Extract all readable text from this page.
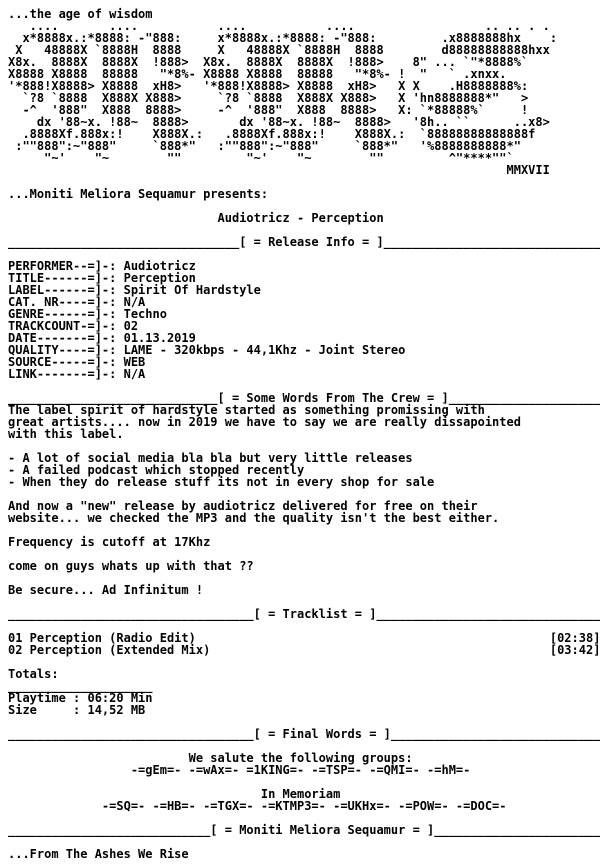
...the age of wisdom
....       ....           ....           ....                  .. .. . .
x*8888x.:*8888: -"888:     x*8888x.:*8888: -"888:         .x8888888hx    :
X   48888X `8888H  8888     X   48888X `8888H  8888        d88888888888hxx
X8x.  8888X  8888X  !888>  X8x.  8888X  8888X  !888>    8" ... `"*8888%`
X8888 X8888  88888   "*8%- X8888 X8888  88888   "*8%- !  "   ` .xnxx.
'*888!X8888> X8888  xH8>   '*888!X8888> X8888  xH8>   X X    .H8888888%:
`?8 `8888  X888X X888>     `?8 `8888  X888X X888>   X 'hn8888888*"   >
-^  '888"  X888  8888>     -^  '888"  X888  8888>   X: `*88888%`     !
dx '88~x. !88~  8888>       dx '88~x. !88~  8888>   '8h.. ``      ..x8>
.8888Xf.888x:!    X888X.:   .8888Xf.888x:!    X888X.:  `88888888888888f
:""888":~"888"     `888*"   :""888":~"888"     `888*"   '%8888888888*"
"~'    "~        ""         "~'    "~        ""         ^"****""`
MMXVII
...Moniti Meliora Sequamur presents:
Audiotricz - Perception
________________________________[ = Release Info = ]______________________________
PERFORMER--=]-: Audiotricz
TITLE------=]-: Perception
LABEL------=]-: Spirit Of Hardstyle
CAT. NR----=]-: N/A
GENRE------=]-: Techno
TRACKCOUNT-=]-: 02
DATE-------=]-: 01.13.2019
QUALITY----=]-: LAME - 320kbps - 44,1Khz - Joint Stereo
SOURCE-----=]-: WEB
LINK-------=]-: N/A
_____________________________[ = Some Words From The Crew = ]_____________________
The label spirit of hardstyle started as something promissing with
great artists.... now in 2019 we have to say we are really dissapointed
with this label.
- A lot of social media bla bla but very little releases
- A failed podcast which stopped recently
- When they do release stuff its not in every shop for sale
And now a "new" release by audiotricz delivered for free on their
website... we checked the MP3 and the quality isn't the best either.
Frequency is cutoff at 17Khz
come on guys whats up with that ??
Be secure... Ad Infinitum !
__________________________________[ = Tracklist = ]_______________________________
01 Perception (Radio Edit)                                                 [02:38]
02 Perception (Extended Mix)                                               [03:42]
Totals:
____________________
Playtime : 06:20 Min
Size     : 14,52 MB
__________________________________[ = Final Words = ]_____________________________
We salute the following groups:
-=gEm=- -=wAx=- =1KING=- -=TSP=- -=QMI=- -=hM=-
In Memoriam
-=SQ=- -=HB=- -=TGX=- -=KTMP3=- -=UKHx=- -=POW=- -=DOC=-
____________________________[ = Moniti Meliora Sequamur = ]_______________________
...From The Ashes We Rise
